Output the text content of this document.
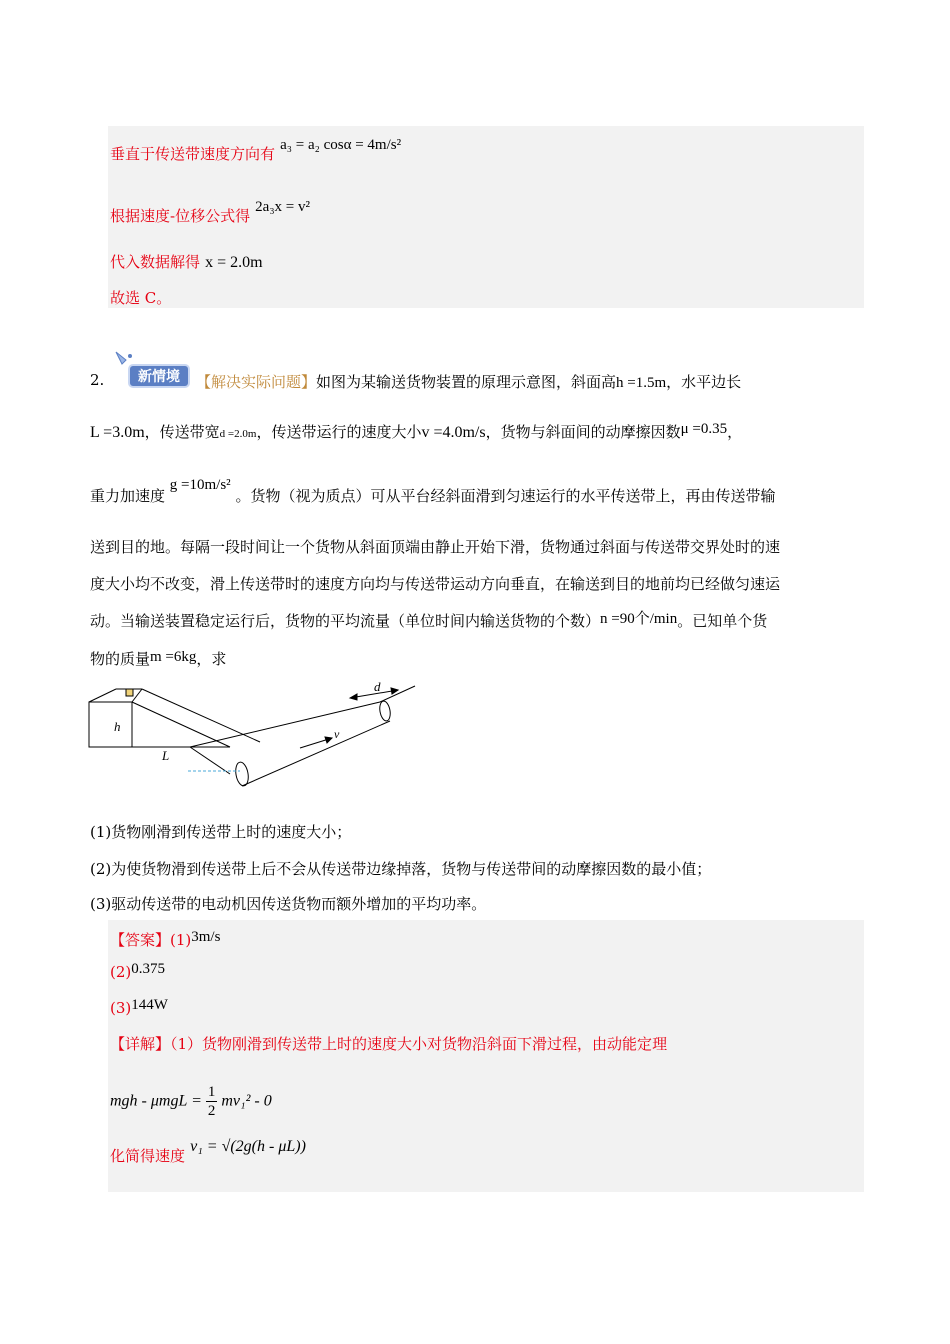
垂直于传送带速度方向有 a₃ = a₂ cosα = 4m/s²
根据速度-位移公式得 2a₃x = v²
代入数据解得 x = 2.0m
故选 C。
2.	新情境	【解决实际问题】如图为某输送货物装置的原理示意图，斜面高h =1.5m，水平边长
L =3.0m，传送带宽d =2.0m，传送带运行的速度大小v =4.0m/s，货物与斜面间的动摩擦因数μ =0.35，
重力加速度 g =10m/s² 。货物（视为质点）可从平台经斜面滑到匀速运行的水平传送带上，再由传送带输
送到目的地。每隔一段时间让一个货物从斜面顶端由静止开始下滑，货物通过斜面与传送带交界处时的速
度大小均不改变，滑上传送带时的速度方向均与传送带运动方向垂直，在输送到目的地前均已经做匀速运
动。当输送装置稳定运行后，货物的平均流量（单位时间内输送货物的个数）n =90个/min。已知单个货
物的质量m =6kg，求
h
L
d
v
(1)货物刚滑到传送带上时的速度大小；
(2)为使货物滑到传送带上后不会从传送带边缘掉落，货物与传送带间的动摩擦因数的最小值；
(3)驱动传送带的电动机因传送货物而额外增加的平均功率。
【答案】(1)3m/s
(2)0.375
(3)144W
【详解】（1）货物刚滑到传送带上时的速度大小对货物沿斜面下滑过程，由动能定理
mgh - $\mu mgL = \frac{1}{2} mv_1^2 - 0$
化简得速度 v₁ = √(2g(h - μL))
